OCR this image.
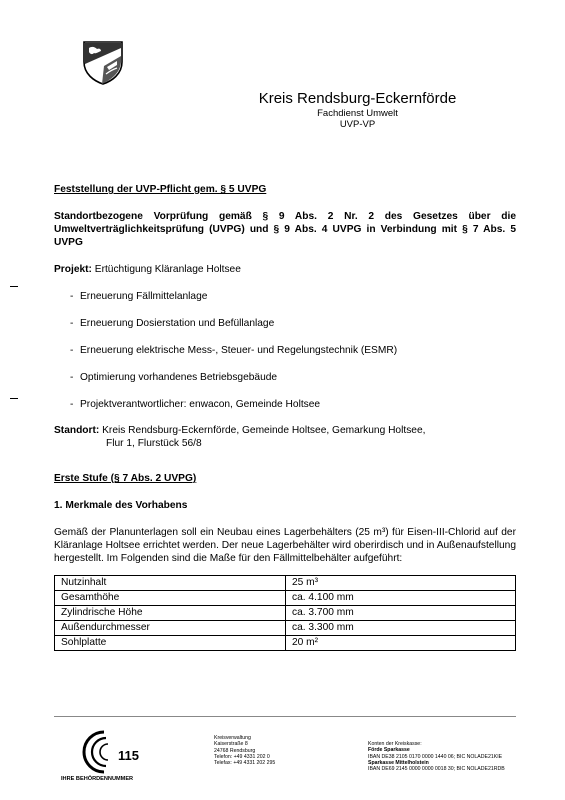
Kreis Rendsburg-Eckernförde
Fachdienst Umwelt
UVP-VP

Feststellung der UVP-Pflicht gem. § 5 UVPG

Standortbezogene Vorprüfung gemäß § 9 Abs. 2 Nr. 2 des Gesetzes über die Umweltverträglichkeitsprüfung (UVPG) und § 9 Abs. 4 UVPG in Verbindung mit § 7 Abs. 5 UVPG

Projekt: Ertüchtigung Kläranlage Holtsee

- Erneuerung Fällmittelanlage
- Erneuerung Dosierstation und Befüllanlage
- Erneuerung elektrische Mess-, Steuer- und Regelungstechnik (ESMR)
- Optimierung vorhandenes Betriebsgebäude
- Projektverantwortlicher: enwacon, Gemeinde Holtsee
Standort: Kreis Rendsburg-Eckernförde, Gemeinde Holtsee, Gemarkung Holtsee,
Flur 1, Flurstück 56/8

Erste Stufe (§ 7 Abs. 2 UVPG)

1. Merkmale des Vorhabens

Gemäß der Planunterlagen soll ein Neubau eines Lagerbehälters (25 m³) für Eisen-III-Chlorid auf der Kläranlage Holtsee errichtet werden. Der neue Lagerbehälter wird oberirdisch und in Außenaufstellung hergestellt. Im Folgenden sind die Maße für den Fällmittelbehälter aufgeführt:

Nutzinhalt	25 m³
Gesamthöhe	ca. 4.100 mm
Zylindrische Höhe	ca. 3.700 mm
Außendurchmesser	ca. 3.300 mm
Sohlplatte	20 m²
115
IHRE BEHÖRDENNUMMER
Kreisverwaltung
Kaiserstraße 8
24768 Rendsburg
Telefon: +49 4331 202 0
Telefax: +49 4331 202 295
Konten der Kreiskasse:
Förde Sparkasse
IBAN DE38 2105 0170 0000 1440 06; BIC NOLADE21KIE
Sparkasse Mittelholstein
IBAN DE69 2145 0000 0000 0018 30; BIC NOLADE21RDB
